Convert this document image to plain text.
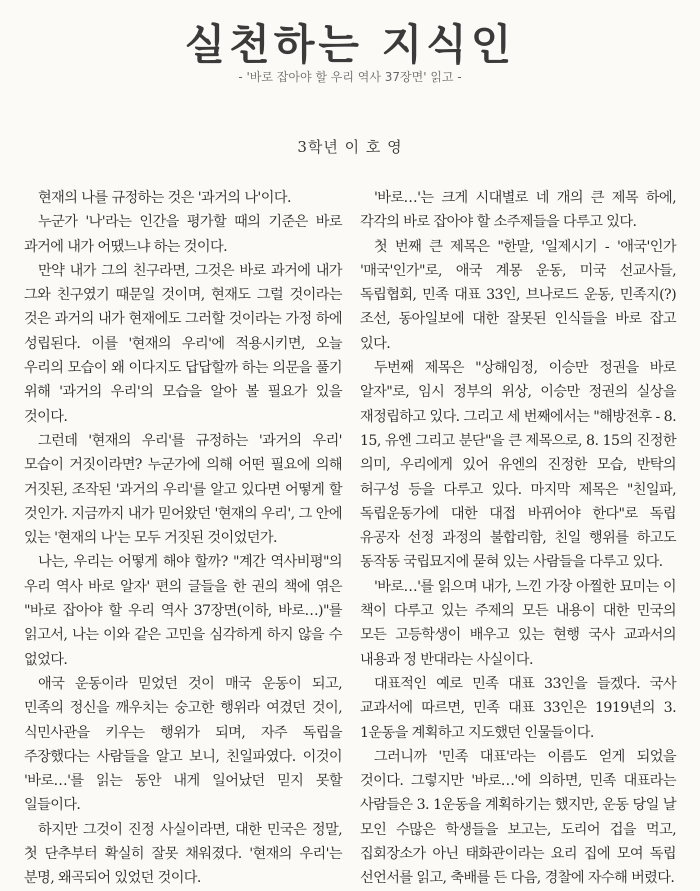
실천하는 지식인

- '바로 잡아야 할 우리 역사 37장면' 읽고 -

3학년 이 호 영

현재의 나를 규정하는 것은 '과거의 나'이다.

누군가 '나'라는 인간을 평가할 때의 기준은 바로 과거에 내가 어땠느냐 하는 것이다.

만약 내가 그의 친구라면, 그것은 바로 과거에 내가 그와 친구였기 때문일 것이며, 현재도 그럴 것이라는 것은 과거의 내가 현재에도 그러할 것이라는 가정 하에 성립된다. 이를 '현재의 우리'에 적용시키면, 오늘 우리의 모습이 왜 이다지도 답답할까 하는 의문을 풀기 위해 '과거의 우리'의 모습을 알아 볼 필요가 있을 것이다.

그런데 '현재의 우리'를 규정하는 '과거의 우리' 모습이 거짓이라면? 누군가에 의해 어떤 필요에 의해 거짓된, 조작된 '과거의 우리'를 알고 있다면 어떻게 할 것인가. 지금까지 내가 믿어왔던 '현재의 우리', 그 안에 있는 '현재의 나'는 모두 거짓된 것이었던가.

나는, 우리는 어떻게 해야 할까? "계간 역사비평"의 우리 역사 바로 알자' 편의 글들을 한 권의 책에 엮은 "바로 잡아야 할 우리 역사 37장면(이하, 바로…)"를 읽고서, 나는 이와 같은 고민을 심각하게 하지 않을 수 없었다.

애국 운동이라 믿었던 것이 매국 운동이 되고, 민족의 정신을 깨우치는 숭고한 행위라 여겼던 것이, 식민사관을 키우는 행위가 되며, 자주 독립을 주장했다는 사람들을 알고 보니, 친일파였다. 이것이 '바로…'를 읽는 동안 내게 일어났던 믿지 못할 일들이다.

하지만 그것이 진정 사실이라면, 대한 민국은 정말, 첫 단추부터 확실히 잘못 채워졌다. '현재의 우리'는 분명, 왜곡되어 있었던 것이다.

'바로…'는 크게 시대별로 네 개의 큰 제목 하에, 각각의 바로 잡아야 할 소주제들을 다루고 있다.

첫 번째 큰 제목은 "한말, '일제시기 - '애국'인가 '매국'인가"로, 애국 계몽 운동, 미국 선교사들, 독립협회, 민족 대표 33인, 브나로드 운동, 민족지(?) 조선, 동아일보에 대한 잘못된 인식들을 바로 잡고 있다.

두번째 제목은 "상해임정, 이승만 정권을 바로 알자"로, 임시 정부의 위상, 이승만 정권의 실상을 재정립하고 있다. 그리고 세 번째에서는 "해방전후 - 8. 15, 유엔 그리고 분단"을 큰 제목으로, 8. 15의 진정한 의미, 우리에게 있어 유엔의 진정한 모습, 반탁의 허구성 등을 다루고 있다. 마지막 제목은 "친일파, 독립운동가에 대한 대접 바뀌어야 한다"로 독립 유공자 선정 과정의 불합리함, 친일 행위를 하고도 동작동 국립묘지에 묻혀 있는 사람들을 다루고 있다.

'바로…'를 읽으며 내가, 느낀 가장 아찔한 묘미는 이 책이 다루고 있는 주제의 모든 내용이 대한 민국의 모든 고등학생이 배우고 있는 현행 국사 교과서의 내용과 정 반대라는 사실이다.

대표적인 예로 민족 대표 33인을 들겠다. 국사 교과서에 따르면, 민족 대표 33인은 1919년의 3. 1운동을 계획하고 지도했던 인물들이다.

그러니까 '민족 대표'라는 이름도 얻게 되었을 것이다. 그렇지만 '바로…'에 의하면, 민족 대표라는 사람들은 3. 1운동을 계획하기는 했지만, 운동 당일 날 모인 수많은 학생들을 보고는, 도리어 겁을 먹고, 집회장소가 아닌 태화관이라는 요리 집에 모여 독립 선언서를 읽고, 축배를 든 다음, 경찰에 자수해 버렸다.
